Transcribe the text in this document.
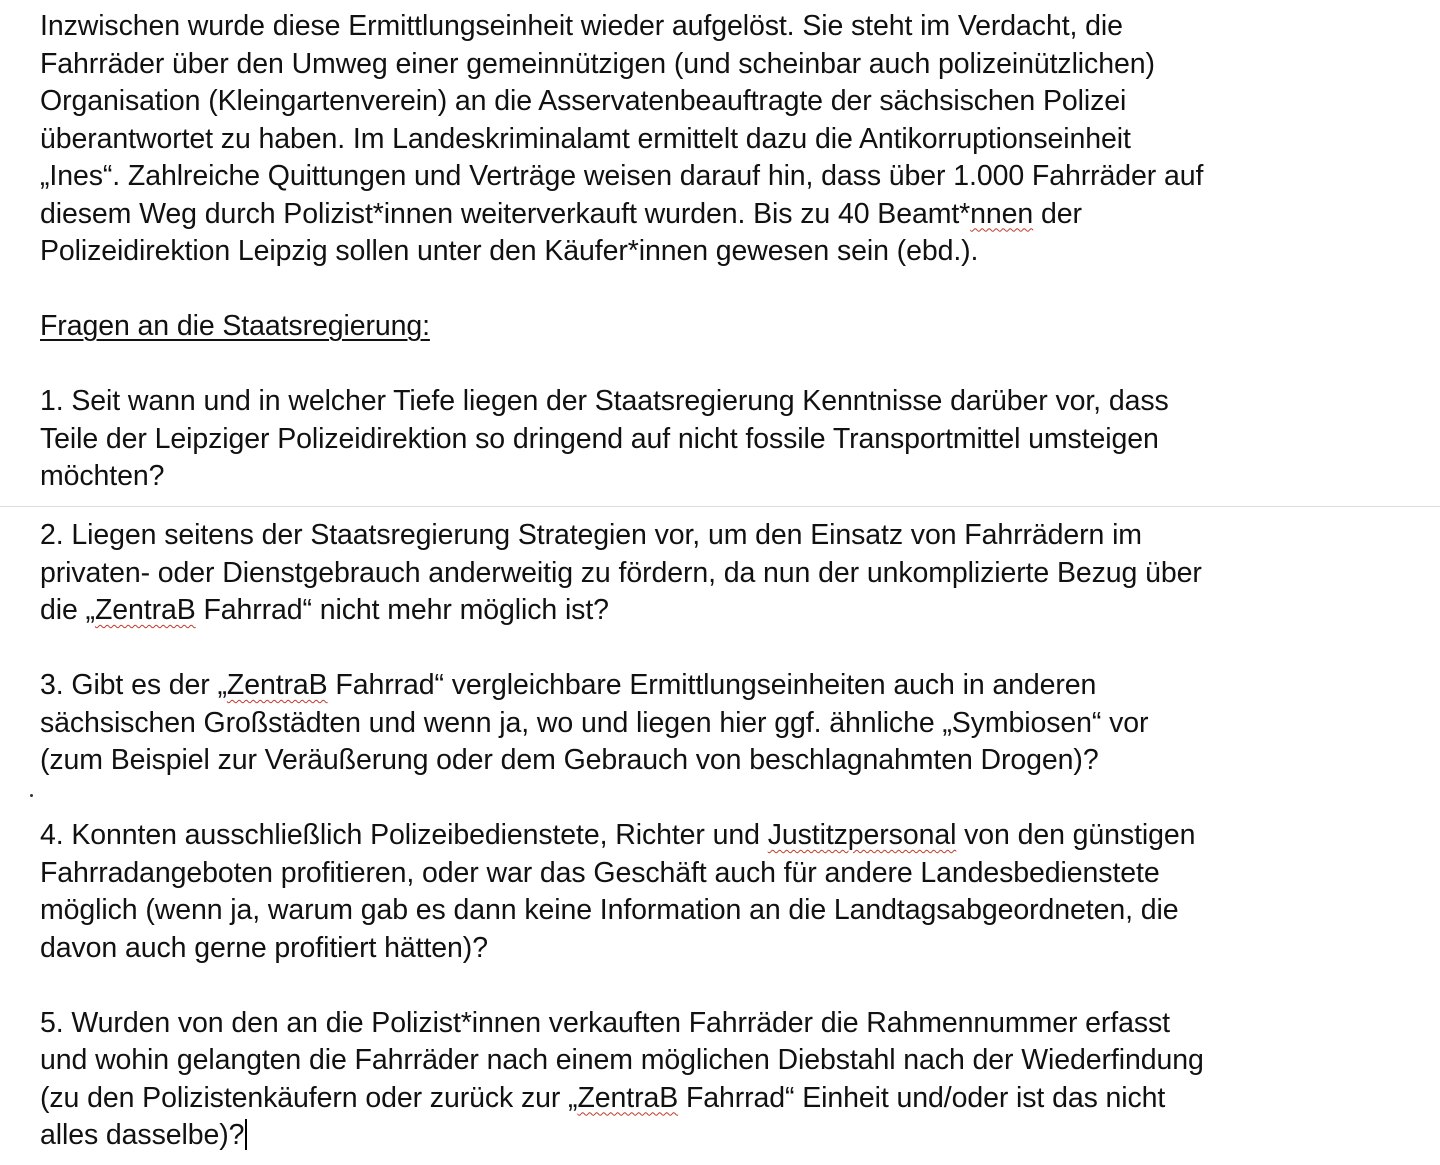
Inzwischen wurde diese Ermittlungseinheit wieder aufgelöst. Sie steht im Verdacht, die
Fahrräder über den Umweg einer gemeinnützigen (und scheinbar auch polizeinützlichen)
Organisation (Kleingartenverein) an die Asservatenbeauftragte der sächsischen Polizei
überantwortet zu haben. Im Landeskriminalamt ermittelt dazu die Antikorruptionseinheit
„Ines“. Zahlreiche Quittungen und Verträge weisen darauf hin, dass über 1.000 Fahrräder auf
diesem Weg durch Polizist*innen weiterverkauft wurden. Bis zu 40 Beamt*nnen der
Polizeidirektion Leipzig sollen unter den Käufer*innen gewesen sein (ebd.).

Fragen an die Staatsregierung:

1. Seit wann und in welcher Tiefe liegen der Staatsregierung Kenntnisse darüber vor, dass
Teile der Leipziger Polizeidirektion so dringend auf nicht fossile Transportmittel umsteigen
möchten?

2. Liegen seitens der Staatsregierung Strategien vor, um den Einsatz von Fahrrädern im
privaten- oder Dienstgebrauch anderweitig zu fördern, da nun der unkomplizierte Bezug über
die „ZentraB Fahrrad“ nicht mehr möglich ist?

3. Gibt es der „ZentraB Fahrrad“ vergleichbare Ermittlungseinheiten auch in anderen
sächsischen Großstädten und wenn ja, wo und liegen hier ggf. ähnliche „Symbiosen“ vor
(zum Beispiel zur Veräußerung oder dem Gebrauch von beschlagnahmten Drogen)?

4. Konnten ausschließlich Polizeibedienstete, Richter und Justitzpersonal von den günstigen
Fahrradangeboten profitieren, oder war das Geschäft auch für andere Landesbedienstete
möglich (wenn ja, warum gab es dann keine Information an die Landtagsabgeordneten, die
davon auch gerne profitiert hätten)?

5. Wurden von den an die Polizist*innen verkauften Fahrräder die Rahmennummer erfasst
und wohin gelangten die Fahrräder nach einem möglichen Diebstahl nach der Wiederfindung
(zu den Polizistenkäufern oder zurück zur „ZentraB Fahrrad“ Einheit und/oder ist das nicht
alles dasselbe)?
